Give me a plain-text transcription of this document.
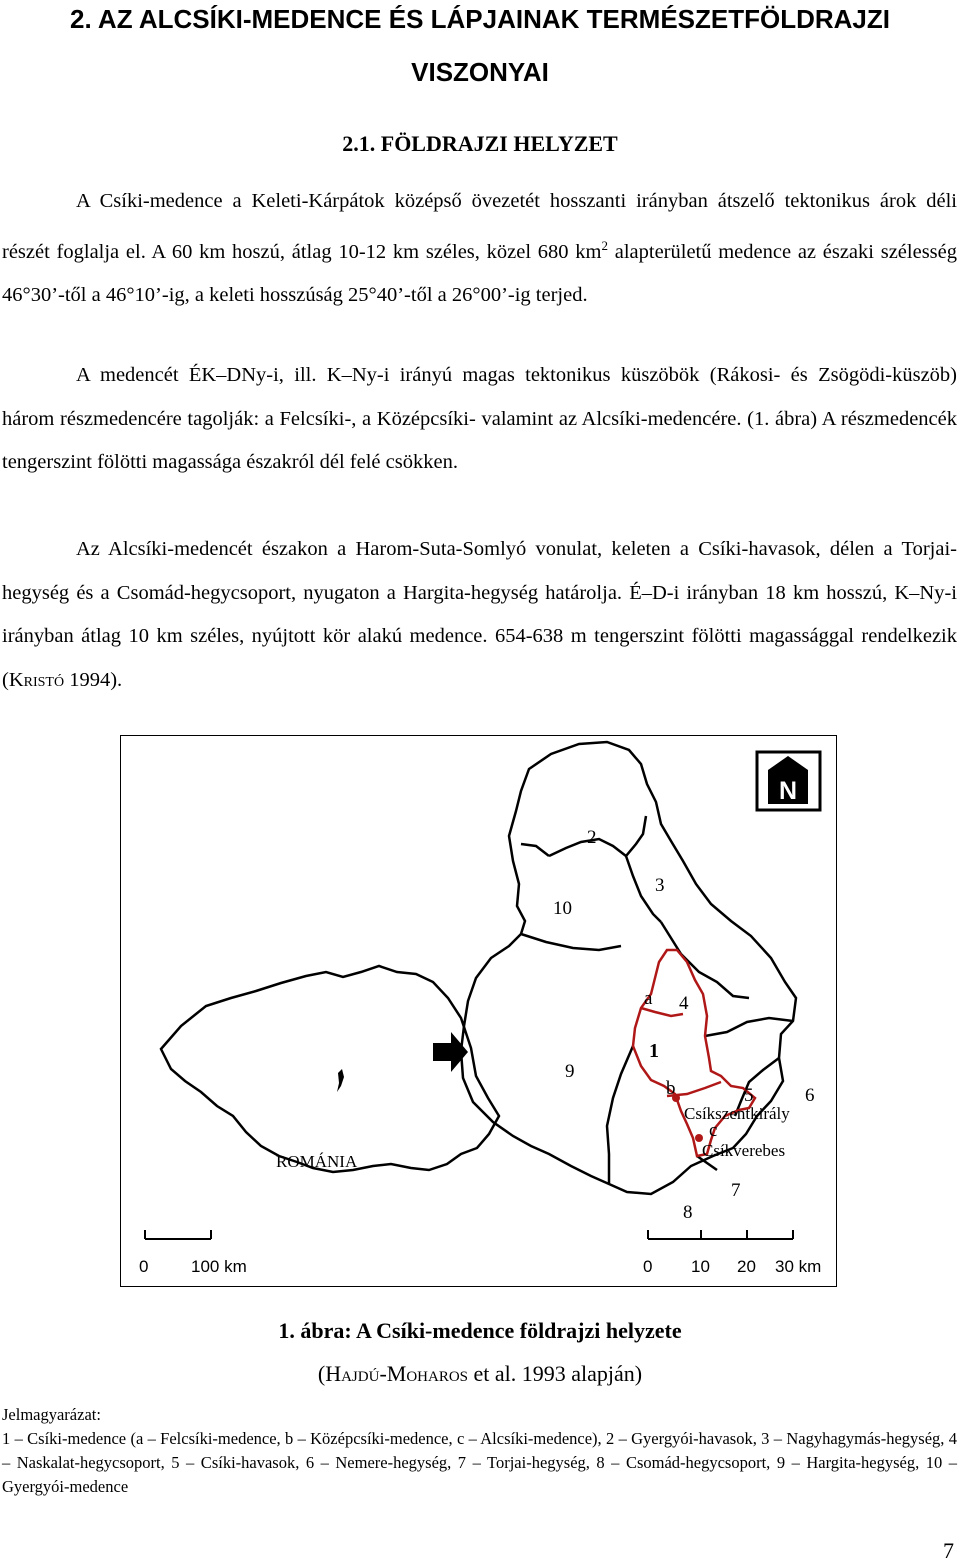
2. AZ ALCSÍKI-MEDENCE ÉS LÁPJAINAK TERMÉSZETFÖLDRAJZI
VISZONYAI
2.1. FÖLDRAJZI HELYZET

A Csíki-medence a Keleti-Kárpátok középső övezetét hosszanti irányban átszelő tektonikus árok déli részét foglalja el. A 60 km hoszú, átlag 10-12 km széles, közel 680 $km^2$ alapterületű medence az északi szélesség 46°30’-től a 46°10’-ig, a keleti hosszúság 25°40’-től a 26°00’-ig terjed.

A medencét ÉK–DNy-i, ill. K–Ny-i irányú magas tektonikus küszöbök (Rákosi- és Zsögödi-küszöb) három részmedencére tagolják: a Felcsíki-, a Középcsíki- valamint az Alcsíki-medencére. (1. ábra) A részmedencék tengerszint fölötti magassága északról dél felé csökken.

Az Alcsíki-medencét északon a Harom-Suta-Somlyó vonulat, keleten a Csíki-havasok, délen a Torjai-hegység és a Csomád-hegycsoport, nyugaton a Hargita-hegység határolja. É–D-i irányban 18 km hosszú, K–Ny-i irányban átlag 10 km széles, nyújtott kör alakú medence. 654-638 m tengerszint fölötti magassággal rendelkezik (Kristó 1994).

ROMÁNIA
2
3
10
4
9
1
5	6
7
8
a
b
c
Csíkszentkirály
Csíkverebes
N
0	100 km	0 10 20 30 km
1. ábra: A Csíki-medence földrajzi helyzete
(Hajdú-Moharos et al. 1993 alapján)
Jelmagyarázat:

1 – Csíki-medence (a – Felcsíki-medence, b – Középcsíki-medence, c – Alcsíki-medence), 2 – Gyergyói-havasok, 3 – Nagyhagymás-hegység, 4 – Naskalat-hegycsoport, 5 – Csíki-havasok, 6 – Nemere-hegység, 7 – Torjai-hegység, 8 – Csomád-hegycsoport, 9 – Hargita-hegység, 10 – Gyergyói-medence

7
